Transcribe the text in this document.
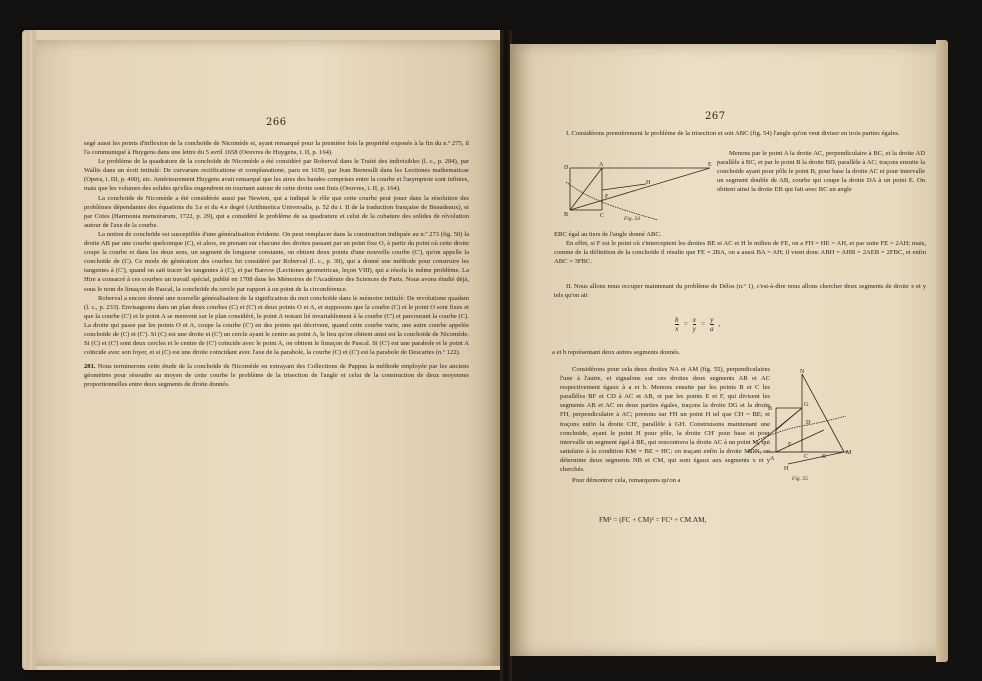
266

segé aussi les points d'inflexion de la conchoïde de Nicomède et, ayant remarqué pour la première fois la propriété exposée à la fin du n.º 275, il l'a communiqué à Huygens dans une lettre du 5 avril 1658 (Oeuvres de Huygens, t. II, p. 164).

Le problème de la quadrature de la conchoïde de Nicomède a été considéré par Roberval dans le Traité des indivisibles (l. c., p. 284), par Wallis dans un écrit intitulé: De curvarum rectificatione et complanatione, paru en 1659, par Jean Bernoulli dans les Lectiones mathematicae (Opera, t. III, p. 400), etc. Antérieurement Huygens avait remarqué que les aires des bandes comprises entre la courbe et l'asymptote sont infinies, mais que les volumes des solides qu'elles engendrent en tournant autour de cette droite sont finis (Oeuvres, t. II, p. 164).

La conchoïde de Nicomède a été considérée aussi par Newton, qui a indiqué le rôle que cette courbe peut jouer dans la résolution des problèmes dépendantes des équations du 3.e et du 4.e degré (Arithmetica Universalis, p. 52 du t. II de la traduction française de Beaudeaux), et par Cotes (Harmonia mensurarum, 1722, p. 29), qui a considéré le problème de sa quadrature et celui de la cubature des solides de révolution autour de l'axe de la courbe.

La notion de conchoïde est susceptible d'une généralisation évidente. On peut remplacer dans la construction indiquée au n.º 273 (fig. 50) la droite AB par une courbe quelconque (C), et alors, en prenant sur chacune des droites passant par un point fixe O, à partir du point où cette droite coupe la courbe et dans les deux sens, un segment de longueur constante, on obtient deux points d'une nouvelle courbe (C'), qu'on appelle la conchoïde de (C). Ce mode de génération des courbes fut considéré par Roberval (l. c., p. 39), qui a donné une méthode pour construire les tangentes à (C'), quand on sait tracer les tangentes à (C), et par Barrow (Lectiones geometricae, leçon VIII), qui a résolu le même problème. La Hire a consacré à ces courbes un travail spécial, publié en 1708 dans les Mémoires de l'Académie des Sciences de Paris. Nous avons étudié déjà, sous le nom de limaçon de Pascal, la conchoïde du cercle par rapport à un point de la circonférence.

Roberval a encore donné une nouvelle généralisation de la signification du mot conchoïde dans le mémoire intitulé: De revolutione quadam (l. c., p. 233). Envisageons dans un plan deux courbes (C) et (C') et deux points O et A, et supposons que la courbe (C) et le point O sont fixes et que la courbe (C') et le point A se meuvent sur le plan considéré, le point A restant lié invariablement à la courbe (C') et parcourant la courbe (C). La droite qui passe par les points O et A, coupe la courbe (C') en des points qui décrivent, quand cette courbe varie, une autre courbe appelée conchoïde de (C) et (C'). Si (C) est une droite et (C') un cercle ayant le centre au point A, le lieu qu'on obtient ainsi est la conchoïde de Nicomède. Si (C) et (C') sont deux cercles et le centre de (C') coïncide avec le point A, on obtient le limaçon de Pascal. Si (C') est une parabole et le point A coïncide avec son foyer, et si (C) est une droite coïncidant avec l'axe de la parabole, la courbe (C) et (C') est la parabole de Descartes (n.º 122).

281. Nous terminerons cette étude de la conchoïde de Nicomède en extrayant des Collections de Pappus la méthode employée par les anciens géomètres pour résoudre au moyen de cette courbe le problème de la trisection de l'angle et celui de la construction de deux moyennes proportionnelles entre deux segments de droite donnés.

267

I. Considérons premièrement le problème de la trisection et soit ABC (fig. 54) l'angle qu'on veut diviser en trois parties égales.

D	A	E
H
F
B	C	Fig. 54

Menons par le point A la droite AC, perpendiculaire à BC, et la droite AD parallèle à BC, et par le point B la droite BD, parallèle à AC; traçons ensuite la conchoïde ayant pour pôle le point B, pour base la droite AC et pour intervalle un segment double de AB, courbe qui coupe la droite DA à un point E. On obtient ainsi la droite EB qui fait avec BC un angle

EBC égal au tiers de l'angle donné ABC.

En effet, si F est le point où s'interceptent les droites BE et AC et H le milieu de FE, on a FH = HE = AH, et par suite FE = 2AH; mais, comme de la définition de la conchoïde il résulte que FE = 2BA, on a aussi BA = AH; il vient donc ABH = AHB = 2AEB = 2FBC, et enfin ABC = 3FBC.

II. Nous allons nous occuper maintenant du problème de Délos (n.º 1), c'est-à-dire nous allons chercher deux segments de droite x et y tels qu'on ait

$\frac{b}{x} = \frac{x}{y} = \frac{y}{a}$ ,

a et b représentant deux autres segments donnés.

Considérons pour cela deux droites NA et AM (fig. 55), perpendiculaires l'une à l'autre, et signalons sur ces droites deux segments AB et AC respectivement égaux à a et b. Menons ensuite par les points B et C les parallèles BF et CD à AC et AB, et par les points E et F, qui divisent les segments AB et AC en deux parties égales, traçons la droite DG et la droite FH, perpendiculaire à AC; prenons sur FH un point H tel que CH = BE; et traçons enfin la droite CH', parallèle à GH. Construisons maintenant une conchoïde, ayant le point H pour pôle, la droite CH' pour base et pour intervalle un segment égal à BE, qui rencontrera la droite AC à un point M, qui satisfaire à la condition KM = BE = HC; on traçant enfin la droite MDN, on détermine deux segments NB et CM, qui sont égaux aux segments x et y cherchés.

Pour démontrer cela, remarquons qu'on a

N
B
G
D
F
C
A	K
M
H
Fig. 55
FM² = (FC + CM)² = FC² + CM.AM,
